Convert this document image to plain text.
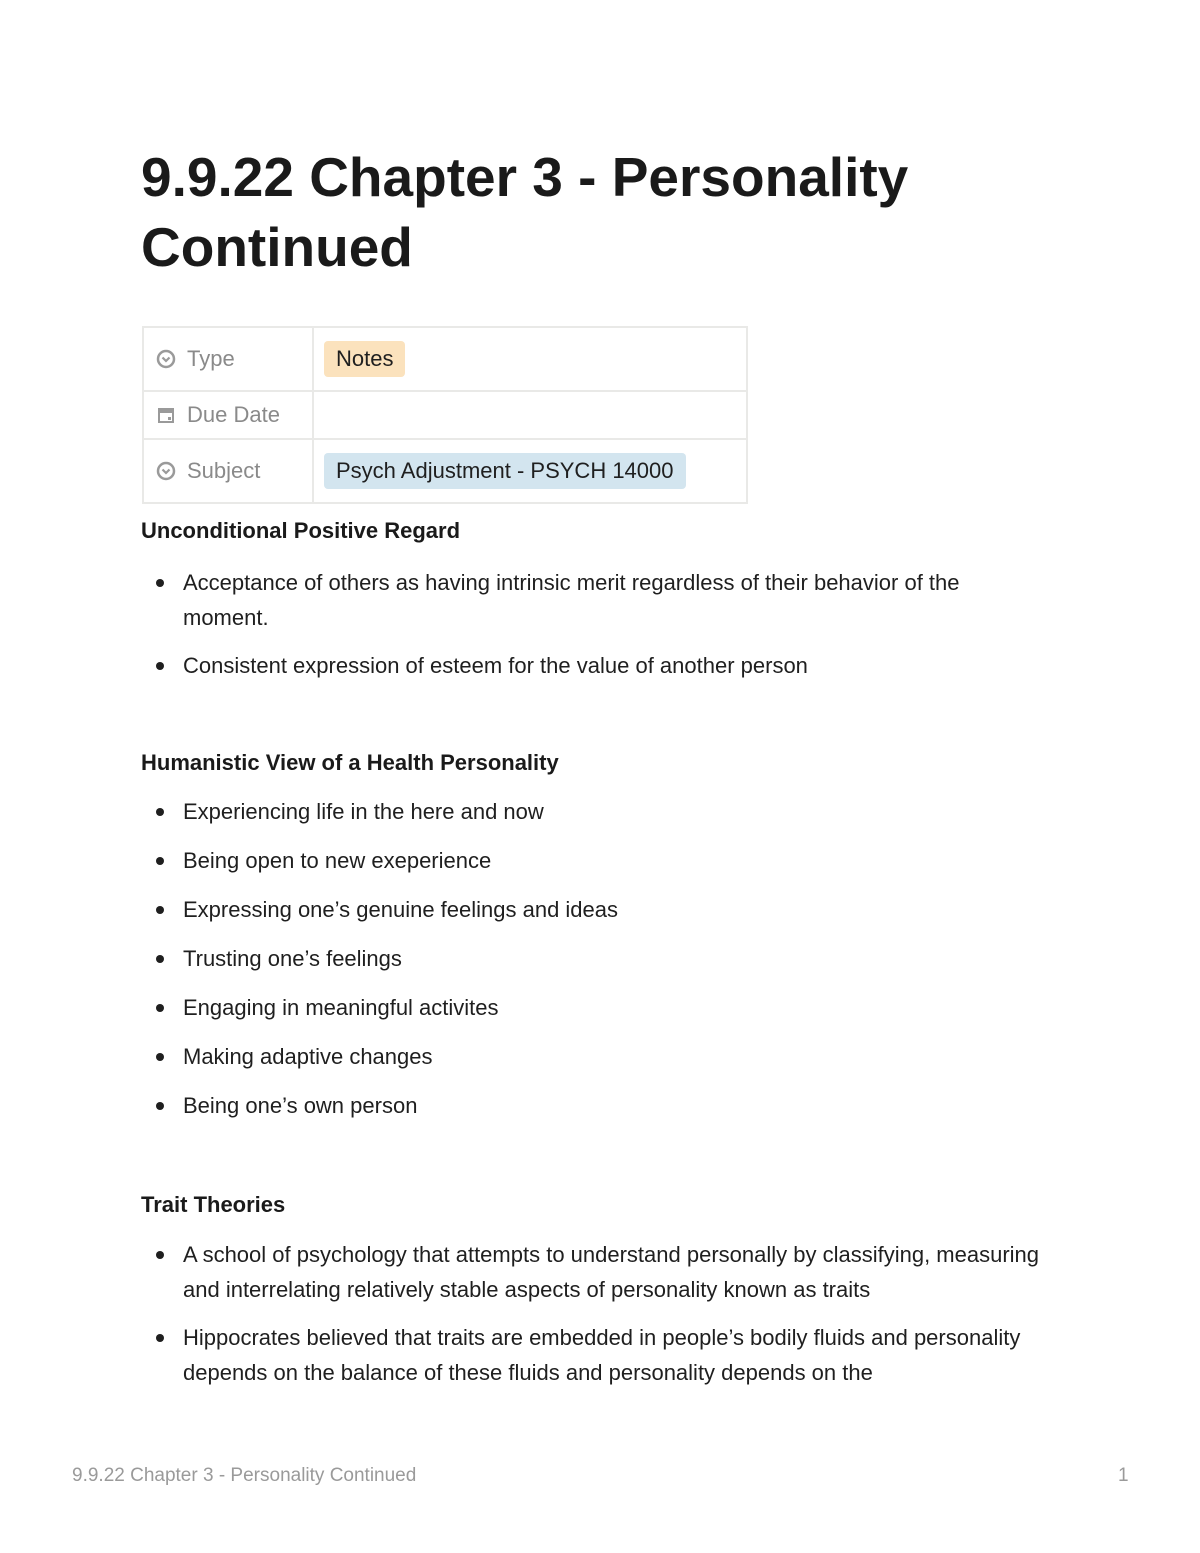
9.9.22 Chapter 3 - Personality Continued
Type	Notes

Due Date	

Subject	Psych Adjustment - PSYCH 14000
Unconditional Positive Regard
Acceptance of others as having intrinsic merit regardless of their behavior of the moment.
Consistent expression of esteem for the value of another person
Humanistic View of a Health Personality
Experiencing life in the here and now
Being open to new exeperience
Expressing one’s genuine feelings and ideas
Trusting one’s feelings
Engaging in meaningful activites
Making adaptive changes
Being one’s own person
Trait Theories
A school of psychology that attempts to understand personally by classifying, measuring and interrelating relatively stable aspects of personality known as traits
Hippocrates believed that traits are embedded in people’s bodily fluids and personality depends on the balance of these fluids and personality depends on the
9.9.22 Chapter 3 - Personality Continued	1
